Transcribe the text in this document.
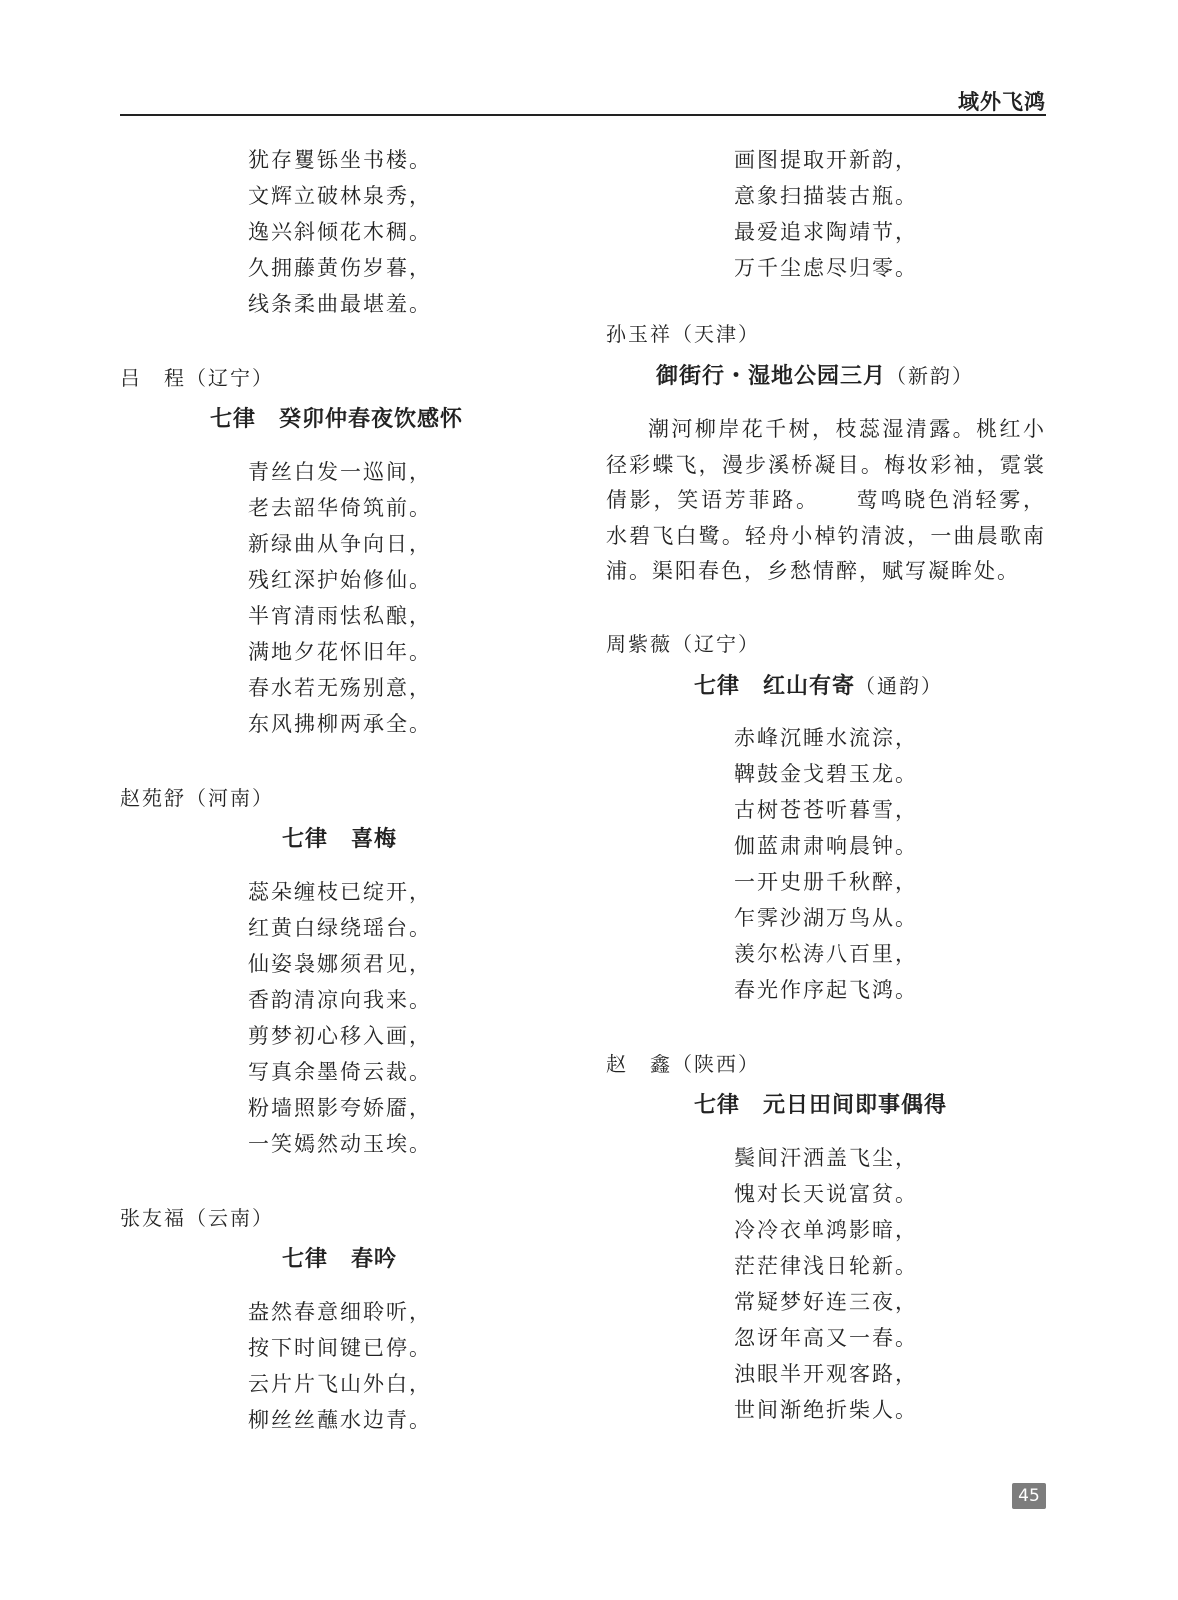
域外飞鸿
犹存矍铄坐书楼。
文辉立破林泉秀，
逸兴斜倾花木稠。
久拥藤黄伤岁暮，
线条柔曲最堪羞。
吕　程（辽宁）
七律　癸卯仲春夜饮感怀
青丝白发一巡间，
老去韶华倚筑前。
新绿曲从争向日，
残红深护始修仙。
半宵清雨怯私酿，
满地夕花怀旧年。
春水若无殇别意，
东风拂柳两承全。
赵苑舒（河南）
七律　喜梅
蕊朵缠枝已绽开，
红黄白绿绕瑶台。
仙姿袅娜须君见，
香韵清凉向我来。
剪梦初心移入画，
写真余墨倚云裁。
粉墙照影夸娇靥，
一笑嫣然动玉埃。
张友福（云南）
七律　春吟
盎然春意细聆听，
按下时间键已停。
云片片飞山外白，
柳丝丝蘸水边青。
画图提取开新韵，
意象扫描装古瓶。
最爱追求陶靖节，
万千尘虑尽归零。
孙玉祥（天津）
御街行・湿地公园三月（新韵）

潮河柳岸花千树，枝蕊湿清露。桃红小径彩蝶飞，漫步溪桥凝目。梅妆彩袖，霓裳倩影，笑语芳菲路。　　莺鸣晓色消轻雾，水碧飞白鹭。轻舟小棹钓清波，一曲晨歌南浦。渠阳春色，乡愁情醉，赋写凝眸处。

周紫薇（辽宁）
七律　红山有寄（通韵）
赤峰沉睡水流淙，
鞞鼓金戈碧玉龙。
古树苍苍听暮雪，
伽蓝肃肃响晨钟。
一开史册千秋醉，
乍霁沙湖万鸟从。
羡尔松涛八百里，
春光作序起飞鸿。
赵　鑫（陕西）
七律　元日田间即事偶得
鬓间汗洒盖飞尘，
愧对长天说富贫。
冷冷衣单鸿影暗，
茫茫律浅日轮新。
常疑梦好连三夜，
忽讶年高又一春。
浊眼半开观客路，
世间渐绝折柴人。
45
